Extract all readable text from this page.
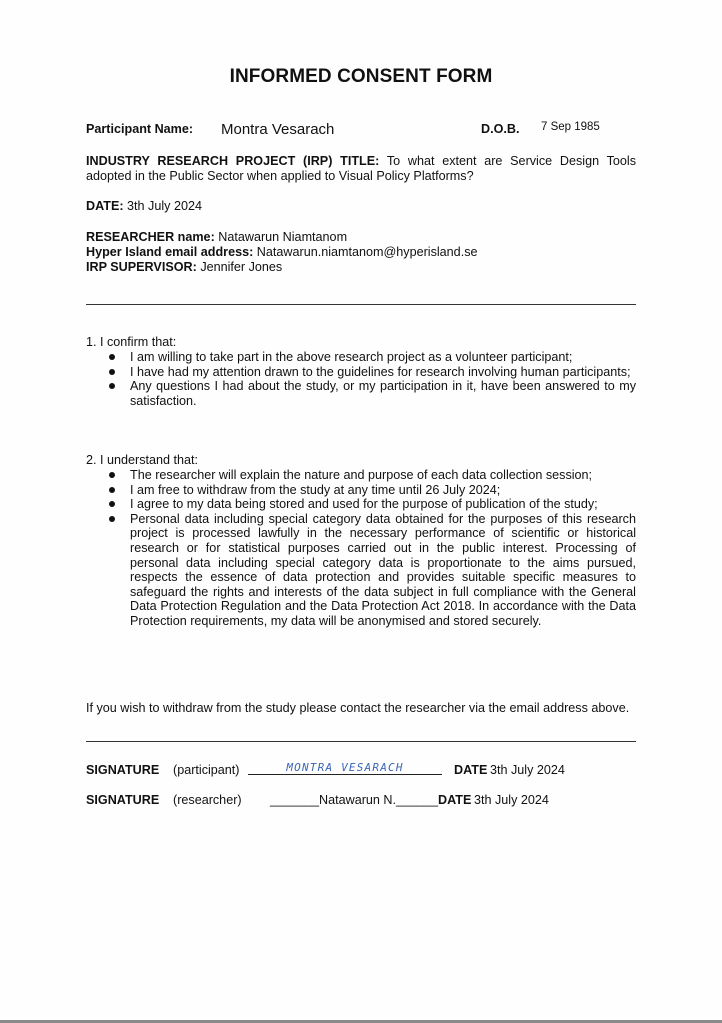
INFORMED CONSENT FORM
Participant Name: Montra Vesarach	D.O.B. 7 Sep 1985
INDUSTRY RESEARCH PROJECT (IRP) TITLE: To what extent are Service Design Tools adopted in the Public Sector when applied to Visual Policy Platforms?
DATE: 3th July 2024
RESEARCHER name: Natawarun Niamtanom
Hyper Island email address: Natawarun.niamtanom@hyperisland.se
IRP SUPERVISOR: Jennifer Jones
1. I confirm that:
I am willing to take part in the above research project as a volunteer participant;
I have had my attention drawn to the guidelines for research involving human participants;
Any questions I had about the study, or my participation in it, have been answered to my satisfaction.
2. I understand that:
The researcher will explain the nature and purpose of each data collection session;
I am free to withdraw from the study at any time until 26 July 2024;
I agree to my data being stored and used for the purpose of publication of the study;
Personal data including special category data obtained for the purposes of this research project is processed lawfully in the necessary performance of scientific or historical research or for statistical purposes carried out in the public interest. Processing of personal data including special category data is proportionate to the aims pursued, respects the essence of data protection and provides suitable specific measures to safeguard the rights and interests of the data subject in full compliance with the General Data Protection Regulation and the Data Protection Act 2018. In accordance with the Data Protection requirements, my data will be anonymised and stored securely.
If you wish to withdraw from the study please contact the researcher via the email address above.
SIGNATURE (participant)	MONTRA VESARACH	DATE 3th July 2024
SIGNATURE (researcher) _______Natawarun N.______DATE 3th July 2024
